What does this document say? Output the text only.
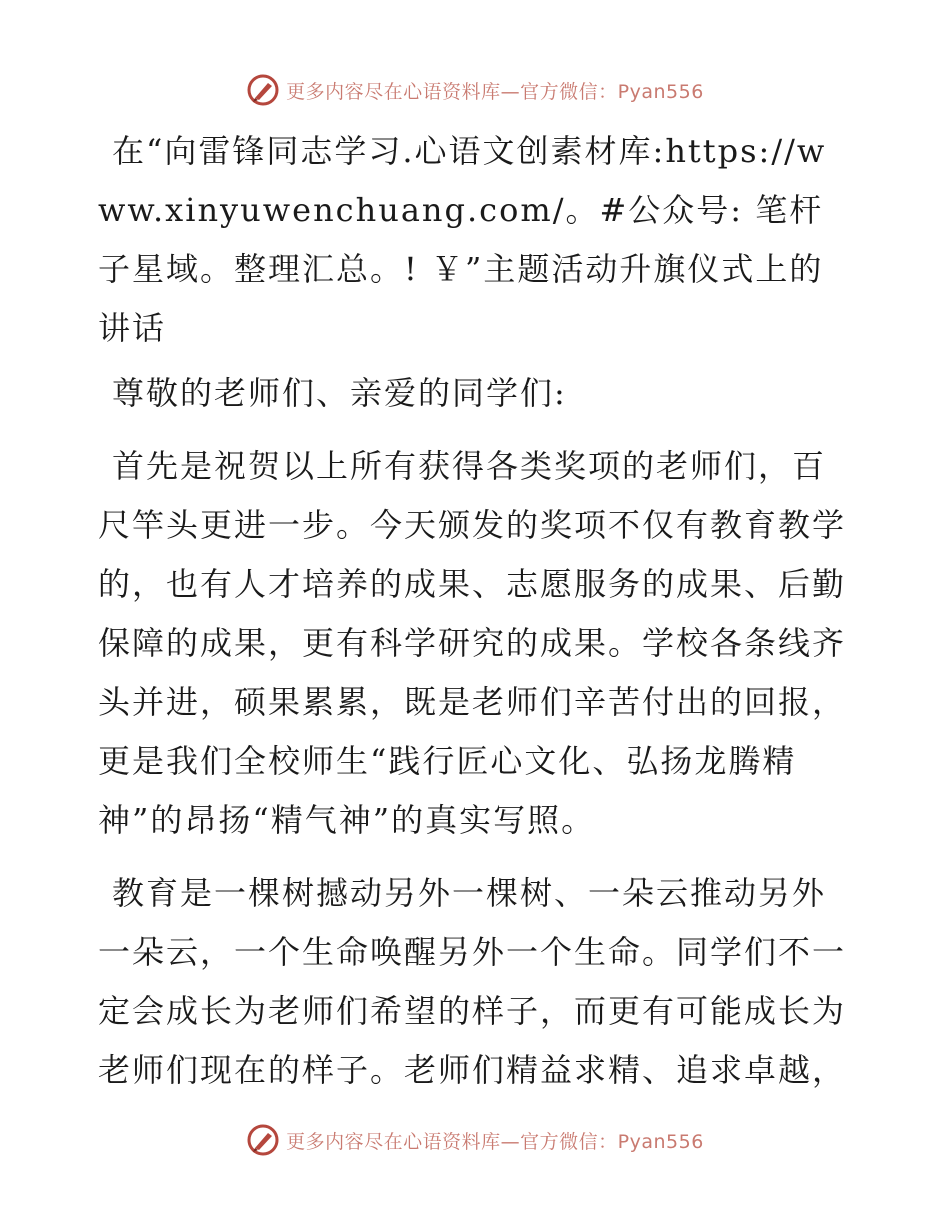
更多内容尽在心语资料库—官方微信：Pyan556

在“向雷锋同志学习.心语文创素材库:https://www.xinyuwenchuang.com/。#公众号: 笔杆子星域。整理汇总。! ￥”主题活动升旗仪式上的讲话

尊敬的老师们、亲爱的同学们:

首先是祝贺以上所有获得各类奖项的老师们，百尺竿头更进一步。今天颁发的奖项不仅有教育教学的，也有人才培养的成果、志愿服务的成果、后勤保障的成果，更有科学研究的成果。学校各条线齐头并进，硕果累累，既是老师们辛苦付出的回报，更是我们全校师生“践行匠心文化、弘扬龙腾精神”的昂扬“精气神”的真实写照。

教育是一棵树撼动另外一棵树、一朵云推动另外一朵云，一个生命唤醒另外一个生命。同学们不一定会成长为老师们希望的样子，而更有可能成长为老师们现在的样子。老师们精益求精、追求卓越，

更多内容尽在心语资料库—官方微信：Pyan556
